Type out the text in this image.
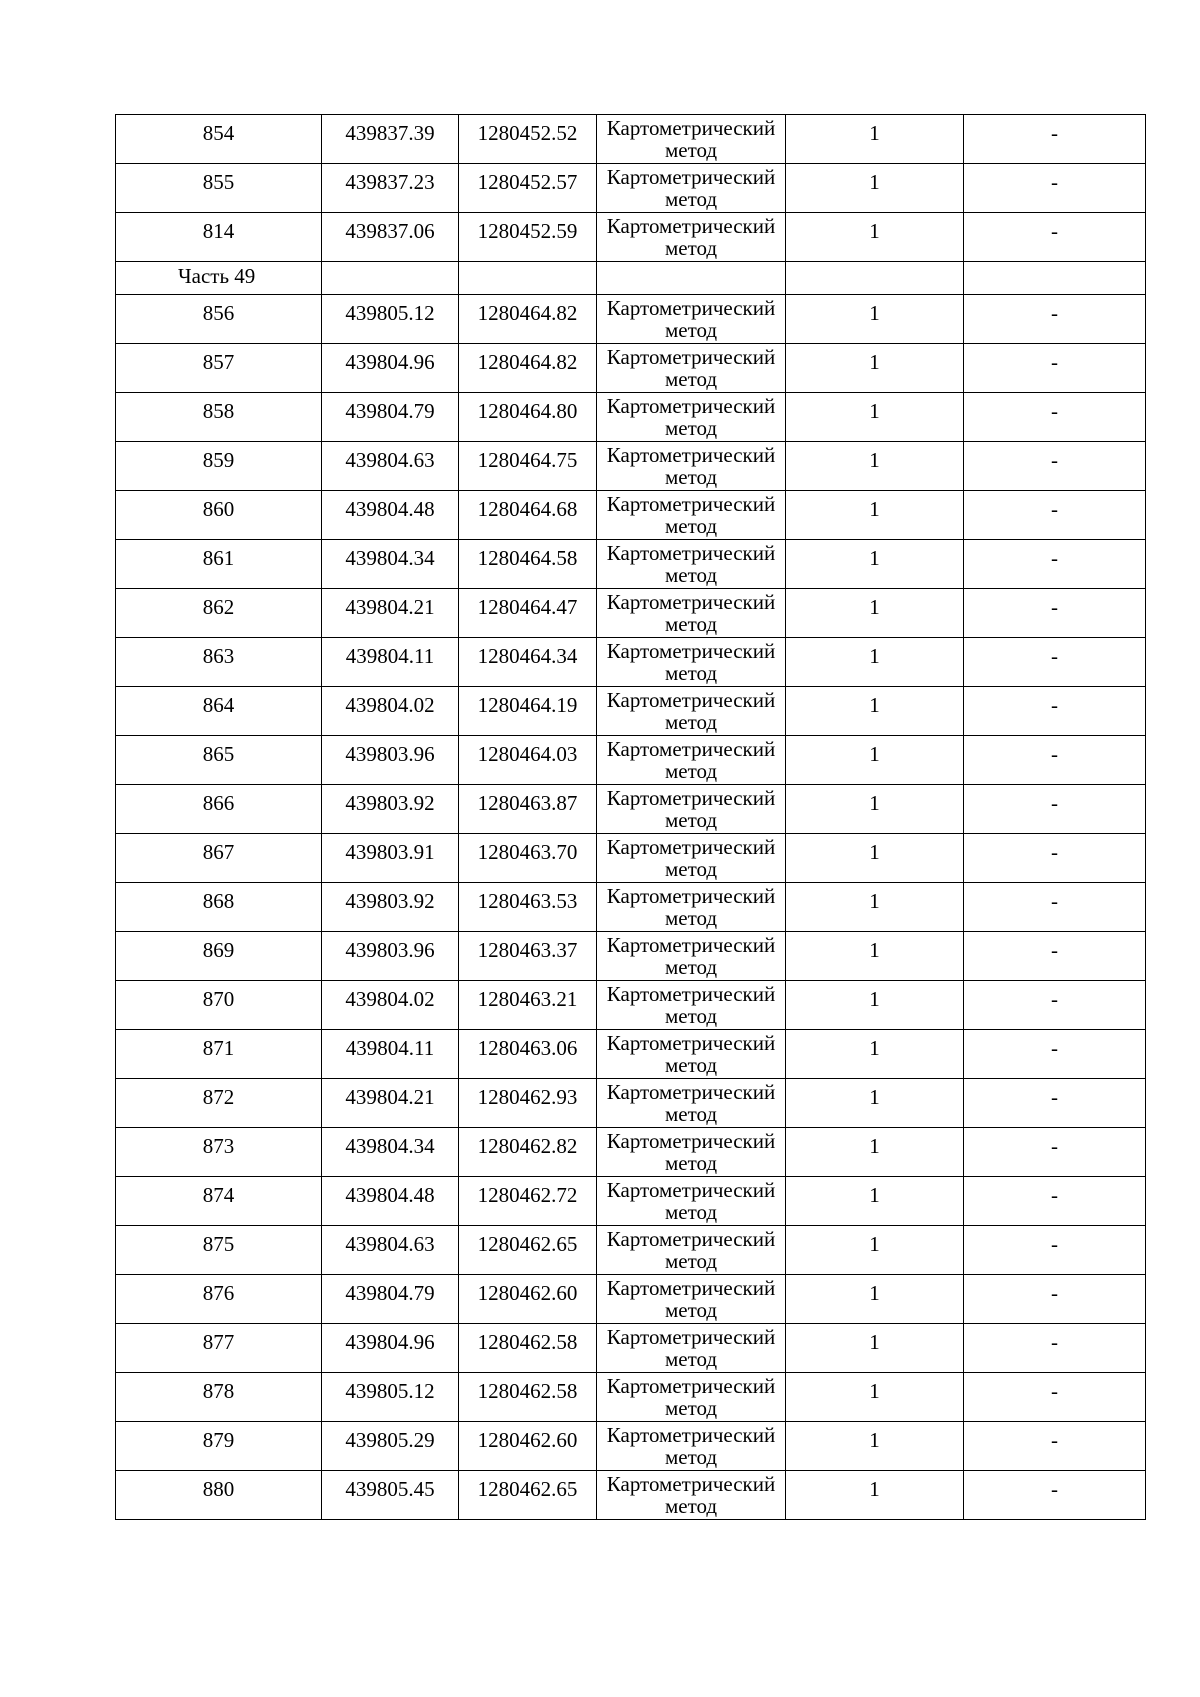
854	439837.39	1280452.52	Картометрический метод	1	-
855	439837.23	1280452.57	Картометрический метод	1	-
814	439837.06	1280452.59	Картометрический метод	1	-
Часть 49					
856	439805.12	1280464.82	Картометрический метод	1	-
857	439804.96	1280464.82	Картометрический метод	1	-
858	439804.79	1280464.80	Картометрический метод	1	-
859	439804.63	1280464.75	Картометрический метод	1	-
860	439804.48	1280464.68	Картометрический метод	1	-
861	439804.34	1280464.58	Картометрический метод	1	-
862	439804.21	1280464.47	Картометрический метод	1	-
863	439804.11	1280464.34	Картометрический метод	1	-
864	439804.02	1280464.19	Картометрический метод	1	-
865	439803.96	1280464.03	Картометрический метод	1	-
866	439803.92	1280463.87	Картометрический метод	1	-
867	439803.91	1280463.70	Картометрический метод	1	-
868	439803.92	1280463.53	Картометрический метод	1	-
869	439803.96	1280463.37	Картометрический метод	1	-
870	439804.02	1280463.21	Картометрический метод	1	-
871	439804.11	1280463.06	Картометрический метод	1	-
872	439804.21	1280462.93	Картометрический метод	1	-
873	439804.34	1280462.82	Картометрический метод	1	-
874	439804.48	1280462.72	Картометрический метод	1	-
875	439804.63	1280462.65	Картометрический метод	1	-
876	439804.79	1280462.60	Картометрический метод	1	-
877	439804.96	1280462.58	Картометрический метод	1	-
878	439805.12	1280462.58	Картометрический метод	1	-
879	439805.29	1280462.60	Картометрический метод	1	-
880	439805.45	1280462.65	Картометрический метод	1	-
